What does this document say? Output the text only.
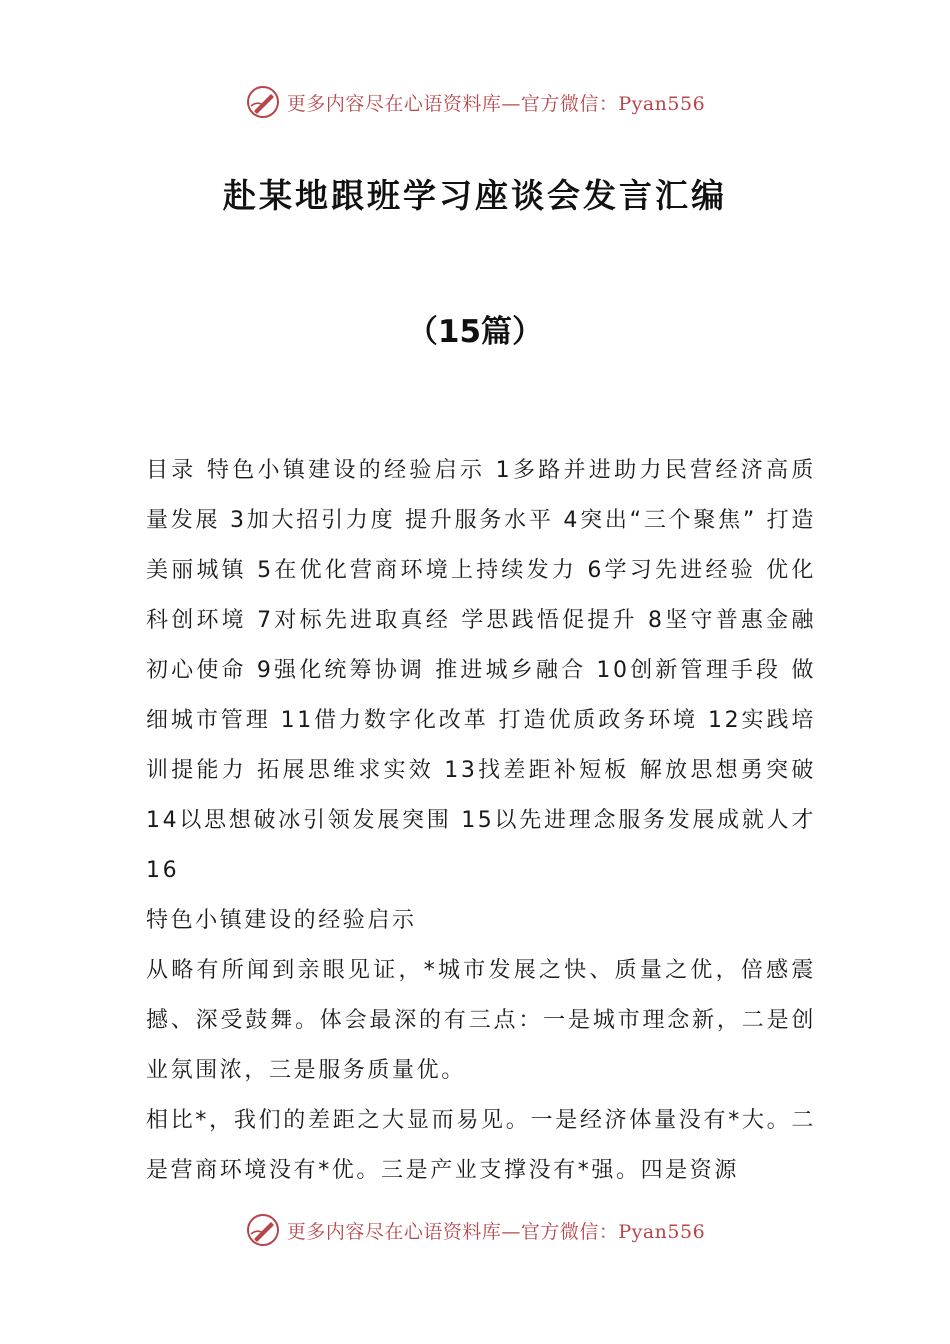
更多内容尽在心语资料库—官方微信：Pyan556
赴某地跟班学习座谈会发言汇编
（15篇）

目录 特色小镇建设的经验启示 1多路并进助力民营经济高质量发展 3加大招引力度 提升服务水平 4突出“三个聚焦” 打造美丽城镇 5在优化营商环境上持续发力 6学习先进经验 优化科创环境 7对标先进取真经 学思践悟促提升 8坚守普惠金融初心使命 9强化统筹协调 推进城乡融合 10创新管理手段 做细城市管理 11借力数字化改革 打造优质政务环境 12实践培训提能力 拓展思维求实效 13找差距补短板 解放思想勇突破 14以思想破冰引领发展突围 15以先进理念服务发展成就人才 16

特色小镇建设的经验启示

从略有所闻到亲眼见证，*城市发展之快、质量之优，倍感震撼、深受鼓舞。体会最深的有三点：一是城市理念新，二是创业氛围浓，三是服务质量优。

相比*，我们的差距之大显而易见。一是经济体量没有*大。二是营商环境没有*优。三是产业支撑没有*强。四是资源

更多内容尽在心语资料库—官方微信：Pyan556
